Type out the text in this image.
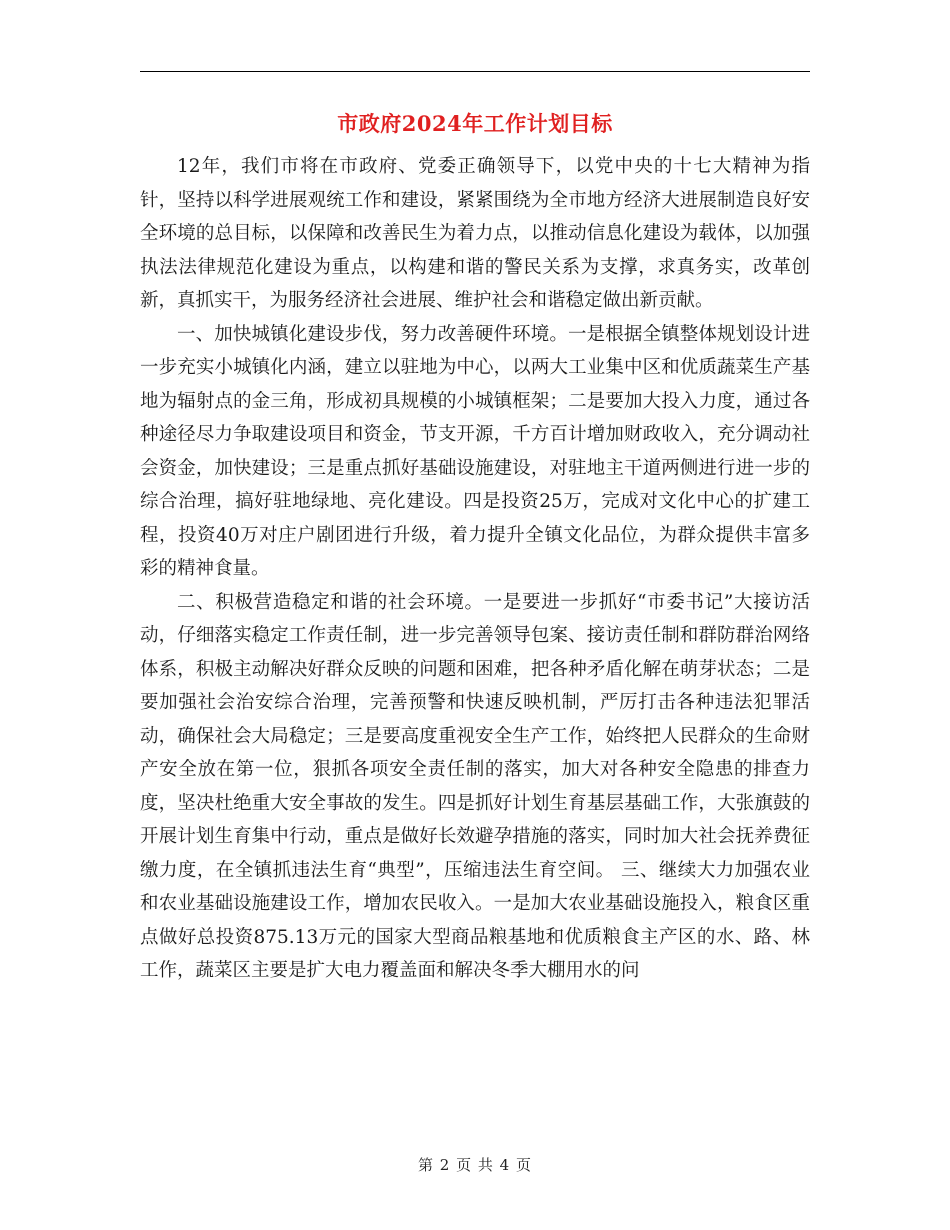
市政府2024年工作计划目标

12年，我们市将在市政府、党委正确领导下，以党中央的十七大精神为指针，坚持以科学进展观统工作和建设，紧紧围绕为全市地方经济大进展制造良好安全环境的总目标，以保障和改善民生为着力点，以推动信息化建设为载体，以加强执法法律规范化建设为重点，以构建和谐的警民关系为支撑，求真务实，改革创新，真抓实干，为服务经济社会进展、维护社会和谐稳定做出新贡献。

一、加快城镇化建设步伐，努力改善硬件环境。一是根据全镇整体规划设计进一步充实小城镇化内涵，建立以驻地为中心，以两大工业集中区和优质蔬菜生产基地为辐射点的金三角，形成初具规模的小城镇框架；二是要加大投入力度，通过各种途径尽力争取建设项目和资金，节支开源，千方百计增加财政收入，充分调动社会资金，加快建设；三是重点抓好基础设施建设，对驻地主干道两侧进行进一步的综合治理，搞好驻地绿地、亮化建设。四是投资25万，完成对文化中心的扩建工程，投资40万对庄户剧团进行升级，着力提升全镇文化品位，为群众提供丰富多彩的精神食量。

二、积极营造稳定和谐的社会环境。一是要进一步抓好“市委书记”大接访活动，仔细落实稳定工作责任制，进一步完善领导包案、接访责任制和群防群治网络体系，积极主动解决好群众反映的问题和困难，把各种矛盾化解在萌芽状态；二是要加强社会治安综合治理，完善预警和快速反映机制，严厉打击各种违法犯罪活动，确保社会大局稳定；三是要高度重视安全生产工作，始终把人民群众的生命财产安全放在第一位，狠抓各项安全责任制的落实，加大对各种安全隐患的排查力度，坚决杜绝重大安全事故的发生。四是抓好计划生育基层基础工作，大张旗鼓的开展计划生育集中行动，重点是做好长效避孕措施的落实，同时加大社会抚养费征缴力度，在全镇抓违法生育“典型”，压缩违法生育空间。 三、继续大力加强农业和农业基础设施建设工作，增加农民收入。一是加大农业基础设施投入，粮食区重点做好总投资875.13万元的国家大型商品粮基地和优质粮食主产区的水、路、林工作，蔬菜区主要是扩大电力覆盖面和解决冬季大棚用水的问

第 2 页 共 4 页
